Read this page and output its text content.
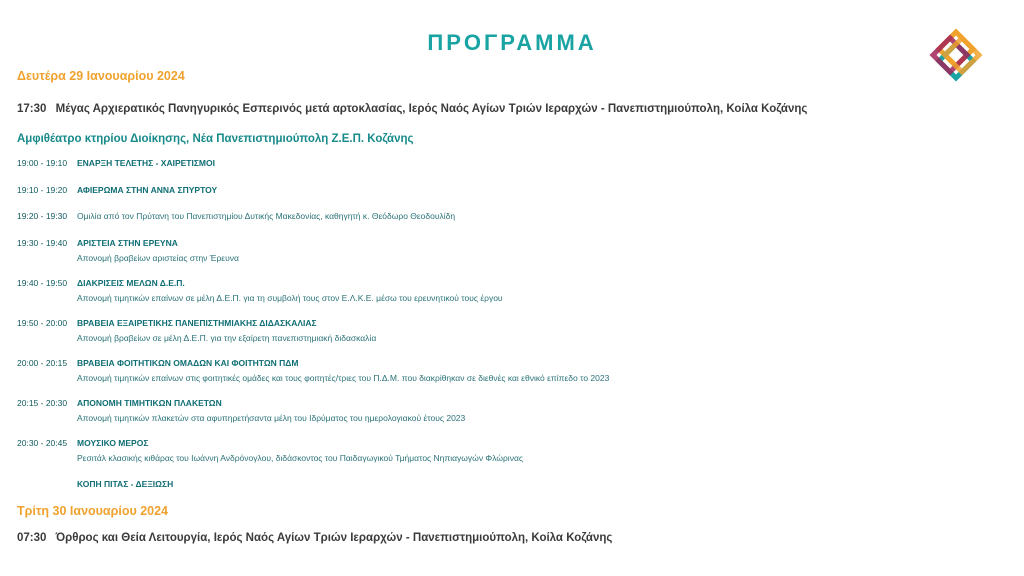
ΠΡΟΓΡΑΜΜΑ
Δευτέρα 29 Ιανουαρίου 2024
17:30 Μέγας Αρχιερατικός Πανηγυρικός Εσπερινός μετά αρτοκλασίας, Ιερός Ναός Αγίων Τριών Ιεραρχών - Πανεπιστημιούπολη, Κοίλα Κοζάνης
Αμφιθέατρο κτηρίου Διοίκησης, Νέα Πανεπιστημιούπολη Ζ.Ε.Π. Κοζάνης
19:00 - 19:10 ΕΝΑΡΞΗ ΤΕΛΕΤΗΣ - ΧΑΙΡΕΤΙΣΜΟΙ
19:10 - 19:20 ΑΦΙΕΡΩΜΑ ΣΤΗΝ ΑΝΝΑ ΣΠΥΡΤΟΥ
19:20 - 19:30 Ομιλία από τον Πρύτανη του Πανεπιστημίου Δυτικής Μακεδονίας, καθηγητή κ. Θεόδωρο Θεοδουλίδη
19:30 - 19:40 ΑΡΙΣΤΕΙΑ ΣΤΗΝ ΕΡΕΥΝΑ
Απονομή βραβείων αριστείας στην Έρευνα
19:40 - 19:50 ΔΙΑΚΡΙΣΕΙΣ ΜΕΛΩΝ Δ.Ε.Π.
Απονομή τιμητικών επαίνων σε μέλη Δ.Ε.Π. για τη συμβολή τους στον Ε.Λ.Κ.Ε. μέσω του ερευνητικού τους έργου
19:50 - 20:00 ΒΡΑΒΕΙΑ ΕΞΑΙΡΕΤΙΚΗΣ ΠΑΝΕΠΙΣΤΗΜΙΑΚΗΣ ΔΙΔΑΣΚΑΛΙΑΣ
Απονομή βραβείων σε μέλη Δ.Ε.Π. για την εξαίρετη πανεπιστημιακή διδασκαλία
20:00 - 20:15 ΒΡΑΒΕΙΑ ΦΟΙΤΗΤΙΚΩΝ ΟΜΑΔΩΝ ΚΑΙ ΦΟΙΤΗΤΩΝ ΠΔΜ
Απονομή τιμητικών επαίνων στις φοιτητικές ομάδες και τους φοιτητές/τριες του Π.Δ.Μ. που διακρίθηκαν σε διεθνές και εθνικό επίπεδο το 2023
20:15 - 20:30 ΑΠΟΝΟΜΗ ΤΙΜΗΤΙΚΩΝ ΠΛΑΚΕΤΩΝ
Απονομή τιμητικών πλακετών στα αφυπηρετήσαντα μέλη του Ιδρύματος του ημερολογιακού έτους 2023
20:30 - 20:45 ΜΟΥΣΙΚΟ ΜΕΡΟΣ
Ρεσιτάλ κλασικής κιθάρας του Ιωάννη Ανδρόνογλου, διδάσκοντος του Παιδαγωγικού Τμήματος Νηπιαγωγών Φλώρινας
ΚΟΠΗ ΠΙΤΑΣ - ΔΕΞΙΩΣΗ
Τρίτη 30 Ιανουαρίου 2024
07:30 Όρθρος και Θεία Λειτουργία, Ιερός Ναός Αγίων Τριών Ιεραρχών - Πανεπιστημιούπολη, Κοίλα Κοζάνης
